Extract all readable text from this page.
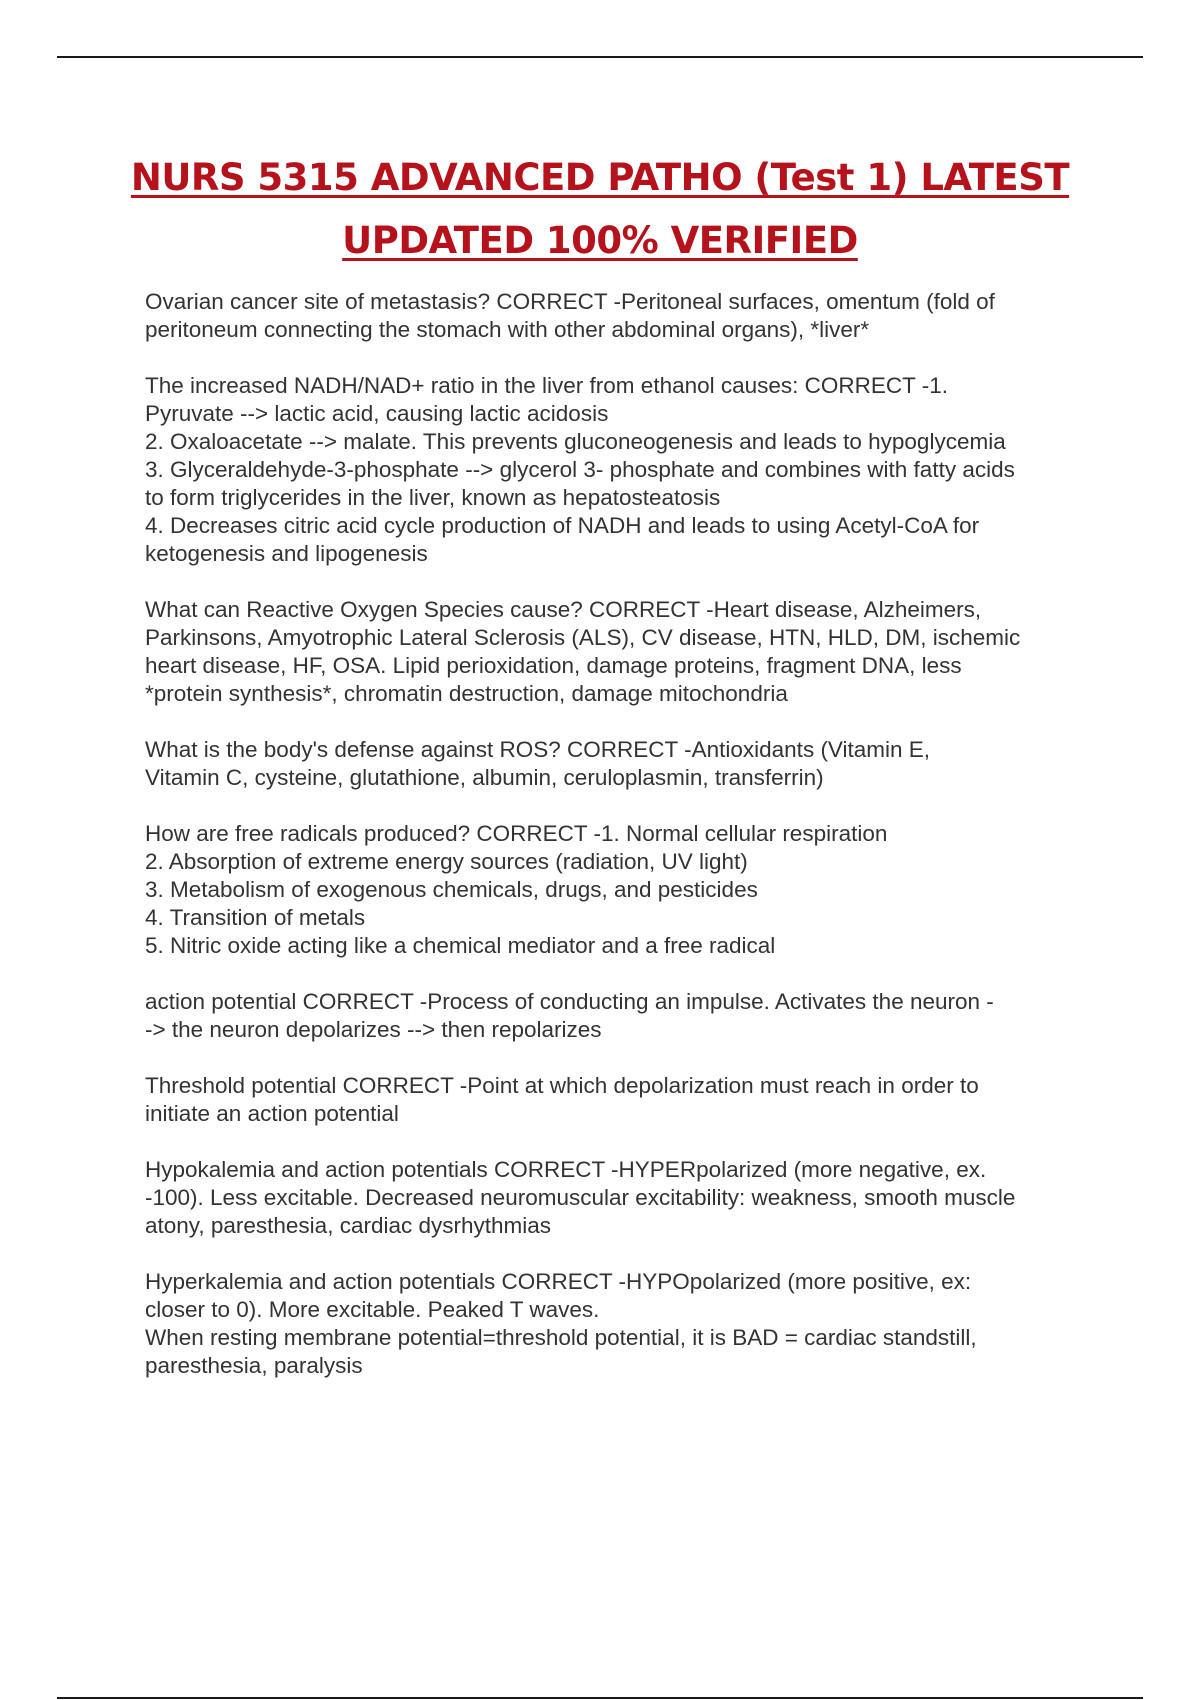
NURS 5315 ADVANCED PATHO (Test 1) LATEST
UPDATED 100% VERIFIED
Ovarian cancer site of metastasis? CORRECT -Peritoneal surfaces, omentum (fold of
peritoneum connecting the stomach with other abdominal organs), *liver*
The increased NADH/NAD+ ratio in the liver from ethanol causes: CORRECT -1.
Pyruvate --> lactic acid, causing lactic acidosis
2. Oxaloacetate --> malate. This prevents gluconeogenesis and leads to hypoglycemia
3. Glyceraldehyde-3-phosphate --> glycerol 3- phosphate and combines with fatty acids
to form triglycerides in the liver, known as hepatosteatosis
4. Decreases citric acid cycle production of NADH and leads to using Acetyl-CoA for
ketogenesis and lipogenesis
What can Reactive Oxygen Species cause? CORRECT -Heart disease, Alzheimers,
Parkinsons, Amyotrophic Lateral Sclerosis (ALS), CV disease, HTN, HLD, DM, ischemic
heart disease, HF, OSA. Lipid perioxidation, damage proteins, fragment DNA, less
*protein synthesis*, chromatin destruction, damage mitochondria
What is the body's defense against ROS? CORRECT -Antioxidants (Vitamin E,
Vitamin C, cysteine, glutathione, albumin, ceruloplasmin, transferrin)
How are free radicals produced? CORRECT -1. Normal cellular respiration
2. Absorption of extreme energy sources (radiation, UV light)
3. Metabolism of exogenous chemicals, drugs, and pesticides
4. Transition of metals
5. Nitric oxide acting like a chemical mediator and a free radical
action potential CORRECT -Process of conducting an impulse. Activates the neuron -
-> the neuron depolarizes --> then repolarizes
Threshold potential CORRECT -Point at which depolarization must reach in order to
initiate an action potential
Hypokalemia and action potentials CORRECT -HYPERpolarized (more negative, ex.
-100). Less excitable. Decreased neuromuscular excitability: weakness, smooth muscle
atony, paresthesia, cardiac dysrhythmias
Hyperkalemia and action potentials CORRECT -HYPOpolarized (more positive, ex:
closer to 0). More excitable. Peaked T waves.
When resting membrane potential=threshold potential, it is BAD = cardiac standstill,
paresthesia, paralysis
